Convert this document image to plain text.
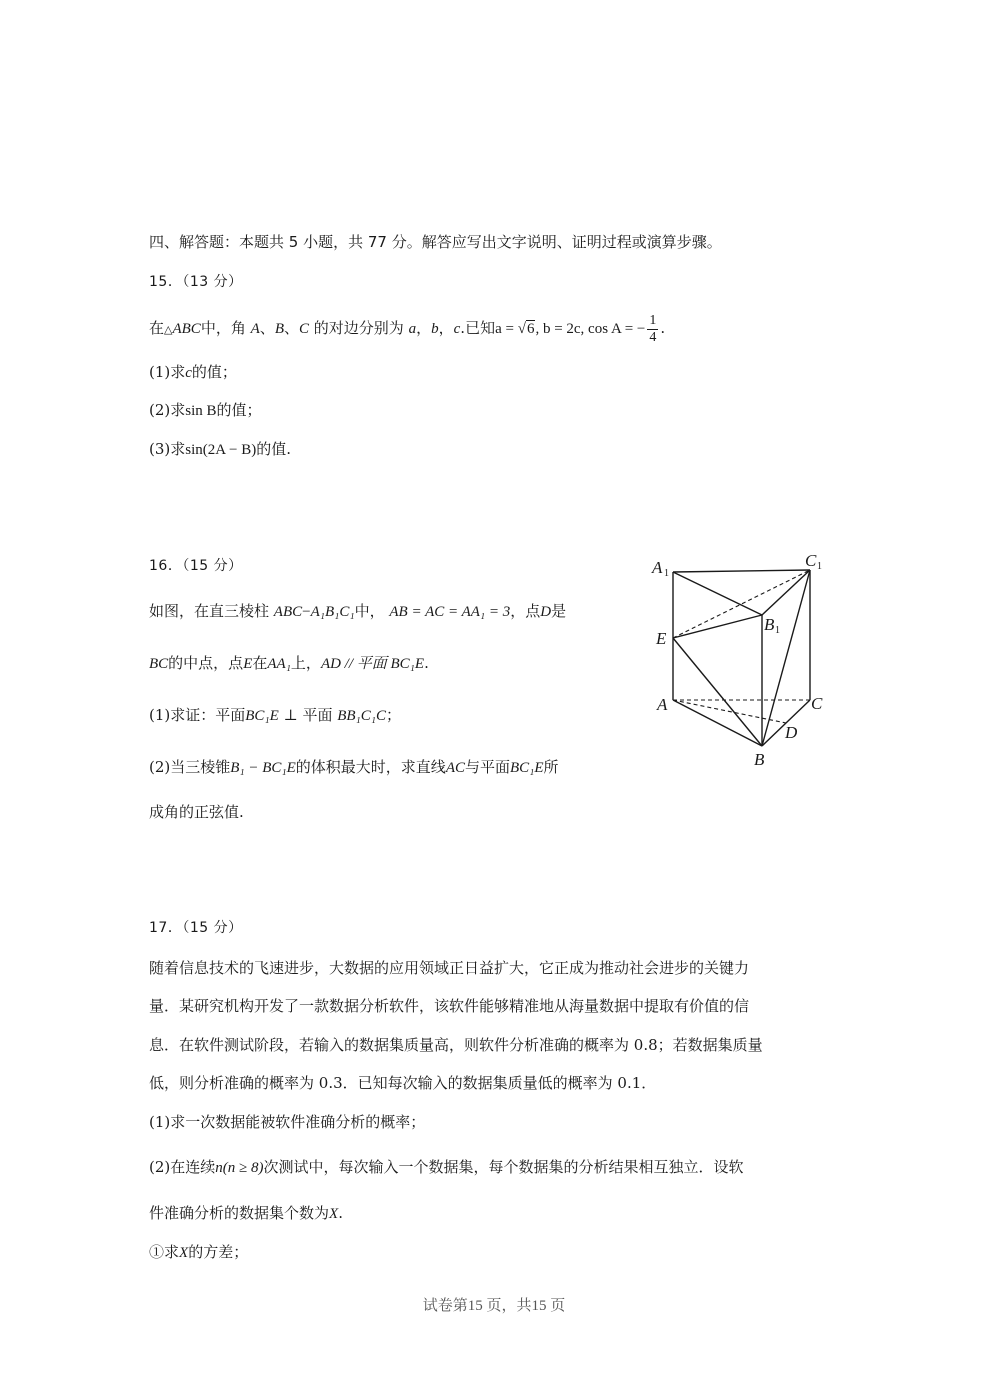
四、解答题：本题共 5 小题，共 77 分。解答应写出文字说明、证明过程或演算步骤。
15．（13 分）
在△ABC中，角 A、B、C 的对边分别为 a，b，c.已知a = √6, b = 2c, cos A = − $\frac{1}{4}$ .
(1)求c的值；
(2)求sin B的值；
(3)求sin(2A − B)的值.
16．（15 分）
如图，在直三棱柱 ABC−A₁B₁C₁中， AB = AC = AA₁ = 3，点D是
BC的中点，点E在AA₁上，AD // 平面 BC₁E.
(1)求证：平面BC₁E ⊥ 平面 BB₁C₁C；
(2)当三棱锥B₁ − BC₁E的体积最大时，求直线AC与平面BC₁E所
成角的正弦值.
A 1
C 1
B 1
E
A	C
D
B
17．（15 分）
随着信息技术的飞速进步，大数据的应用领域正日益扩大，它正成为推动社会进步的关键力
量．某研究机构开发了一款数据分析软件，该软件能够精准地从海量数据中提取有价值的信
息．在软件测试阶段，若输入的数据集质量高，则软件分析准确的概率为 0.8；若数据集质量
低，则分析准确的概率为 0.3．已知每次输入的数据集质量低的概率为 0.1．
(1)求一次数据能被软件准确分析的概率；
(2)在连续n(n ≥ 8)次测试中，每次输入一个数据集，每个数据集的分析结果相互独立．设软
件准确分析的数据集个数为X.
①求X的方差；
试卷第15 页，共15 页
